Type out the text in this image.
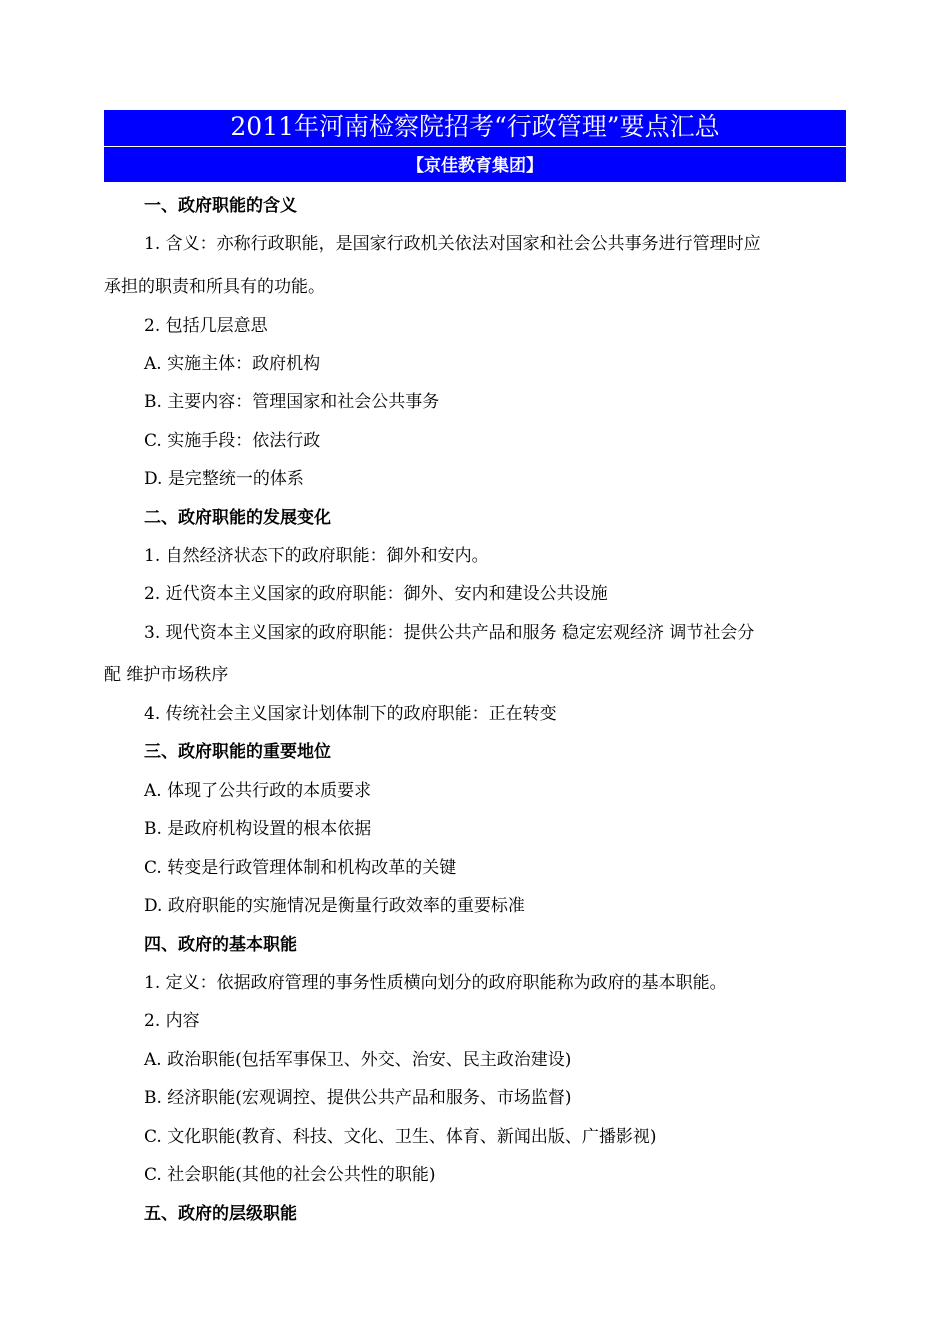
2011年河南检察院招考“行政管理”要点汇总
【京佳教育集团】
一、政府职能的含义
1. 含义：亦称行政职能，是国家行政机关依法对国家和社会公共事务进行管理时应
承担的职责和所具有的功能。
2. 包括几层意思
A. 实施主体：政府机构
B. 主要内容：管理国家和社会公共事务
C. 实施手段：依法行政
D. 是完整统一的体系
二、政府职能的发展变化
1. 自然经济状态下的政府职能：御外和安内。
2. 近代资本主义国家的政府职能：御外、安内和建设公共设施
3. 现代资本主义国家的政府职能：提供公共产品和服务 稳定宏观经济 调节社会分
配 维护市场秩序
4. 传统社会主义国家计划体制下的政府职能：正在转变
三、政府职能的重要地位
A. 体现了公共行政的本质要求
B. 是政府机构设置的根本依据
C. 转变是行政管理体制和机构改革的关键
D. 政府职能的实施情况是衡量行政效率的重要标准
四、政府的基本职能
1. 定义：依据政府管理的事务性质横向划分的政府职能称为政府的基本职能。
2. 内容
A. 政治职能(包括军事保卫、外交、治安、民主政治建设)
B. 经济职能(宏观调控、提供公共产品和服务、市场监督)
C. 文化职能(教育、科技、文化、卫生、体育、新闻出版、广播影视)
C. 社会职能(其他的社会公共性的职能)
五、政府的层级职能
